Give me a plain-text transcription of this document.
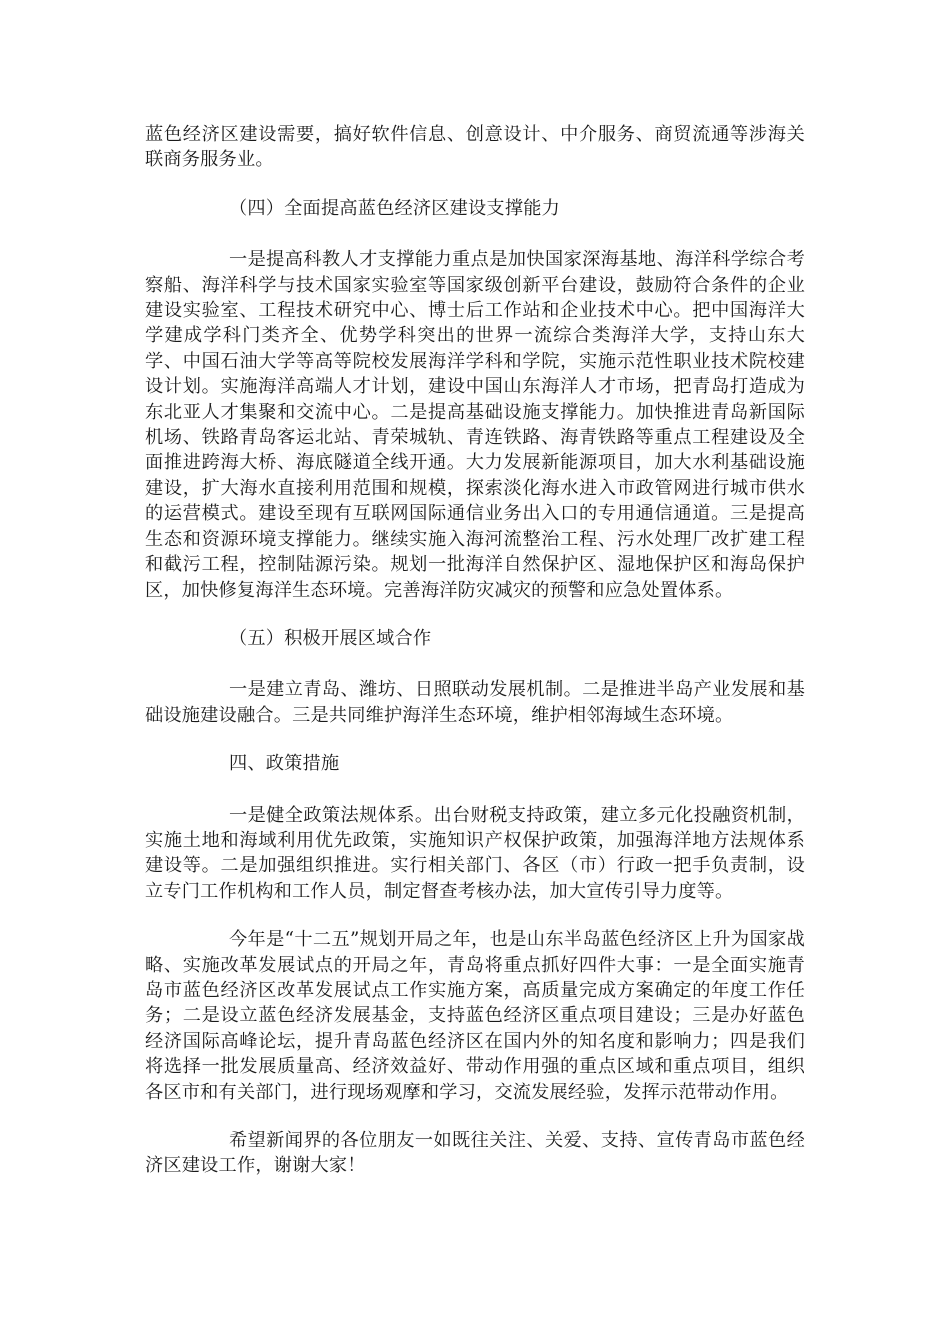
蓝色经济区建设需要，搞好软件信息、创意设计、中介服务、商贸流通等涉海关联商务服务业。

（四）全面提高蓝色经济区建设支撑能力

一是提高科教人才支撑能力重点是加快国家深海基地、海洋科学综合考察船、海洋科学与技术国家实验室等国家级创新平台建设，鼓励符合条件的企业建设实验室、工程技术研究中心、博士后工作站和企业技术中心。把中国海洋大学建成学科门类齐全、优势学科突出的世界一流综合类海洋大学，支持山东大学、中国石油大学等高等院校发展海洋学科和学院，实施示范性职业技术院校建设计划。实施海洋高端人才计划，建设中国山东海洋人才市场，把青岛打造成为东北亚人才集聚和交流中心。二是提高基础设施支撑能力。加快推进青岛新国际机场、铁路青岛客运北站、青荣城轨、青连铁路、海青铁路等重点工程建设及全面推进跨海大桥、海底隧道全线开通。大力发展新能源项目，加大水利基础设施建设，扩大海水直接利用范围和规模，探索淡化海水进入市政管网进行城市供水的运营模式。建设至现有互联网国际通信业务出入口的专用通信通道。三是提高生态和资源环境支撑能力。继续实施入海河流整治工程、污水处理厂改扩建工程和截污工程，控制陆源污染。规划一批海洋自然保护区、湿地保护区和海岛保护区，加快修复海洋生态环境。完善海洋防灾减灾的预警和应急处置体系。

（五）积极开展区域合作

一是建立青岛、潍坊、日照联动发展机制。二是推进半岛产业发展和基础设施建设融合。三是共同维护海洋生态环境，维护相邻海域生态环境。

四、政策措施

一是健全政策法规体系。出台财税支持政策，建立多元化投融资机制，实施土地和海域利用优先政策，实施知识产权保护政策，加强海洋地方法规体系建设等。二是加强组织推进。实行相关部门、各区（市）行政一把手负责制，设立专门工作机构和工作人员，制定督查考核办法，加大宣传引导力度等。

今年是“十二五”规划开局之年，也是山东半岛蓝色经济区上升为国家战略、实施改革发展试点的开局之年，青岛将重点抓好四件大事：一是全面实施青岛市蓝色经济区改革发展试点工作实施方案，高质量完成方案确定的年度工作任务；二是设立蓝色经济发展基金，支持蓝色经济区重点项目建设；三是办好蓝色经济国际高峰论坛，提升青岛蓝色经济区在国内外的知名度和影响力；四是我们将选择一批发展质量高、经济效益好、带动作用强的重点区域和重点项目，组织各区市和有关部门，进行现场观摩和学习，交流发展经验，发挥示范带动作用。

希望新闻界的各位朋友一如既往关注、关爱、支持、宣传青岛市蓝色经济区建设工作，谢谢大家！
